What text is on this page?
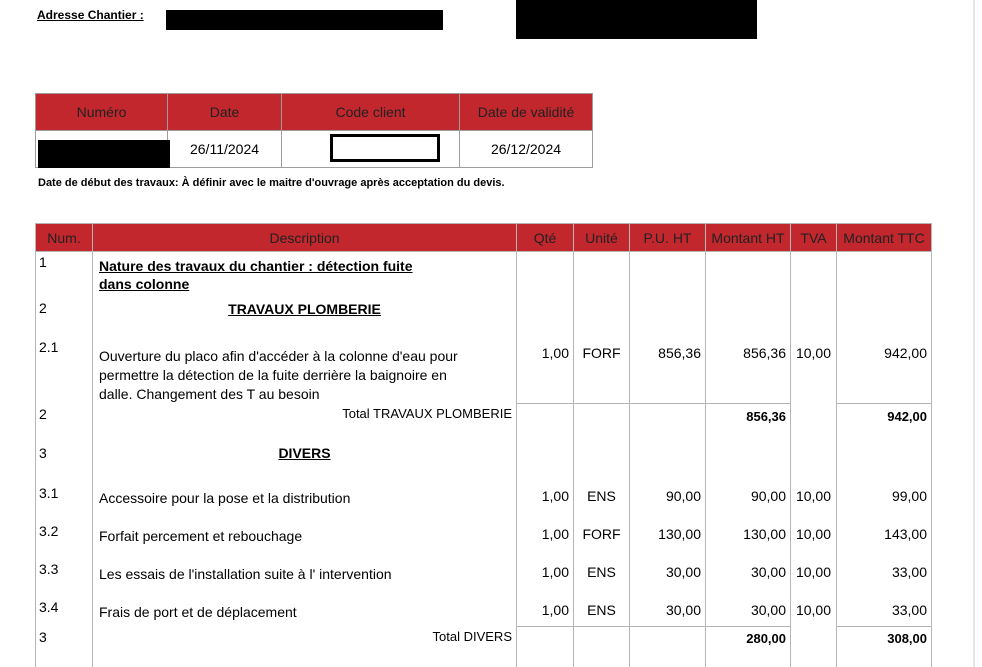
Adresse Chantier :
Numéro	Date	Code client	Date de validité

	26/11/2024		26/12/2024
Date de début des travaux: À définir avec le maitre d'ouvrage après acceptation du devis.
Num.	Description	Qté	Unité	P.U. HT	Montant HT	TVA	Montant TTC
1	Nature des travaux du chantier : détection fuite
dans colonne						

2	TRAVAUX PLOMBERIE						
2.1	Ouverture du placo afin d'accéder à la colonne d'eau pour
permettre la détection de la fuite derrière la baignoire en
dalle. Changement des T au besoin	1,00	FORF	856,36	856,36	10,00	942,00
2	Total TRAVAUX PLOMBERIE				856,36		942,00
3	DIVERS						
3.1	Accessoire pour la pose et la distribution	1,00	ENS	90,00	90,00	10,00	99,00
3.2	Forfait percement et rebouchage	1,00	FORF	130,00	130,00	10,00	143,00
3.3	Les essais de l'installation suite à l' intervention	1,00	ENS	30,00	30,00	10,00	33,00
3.4	Frais de port et de déplacement	1,00	ENS	30,00	30,00	10,00	33,00
3	Total DIVERS				280,00		308,00
